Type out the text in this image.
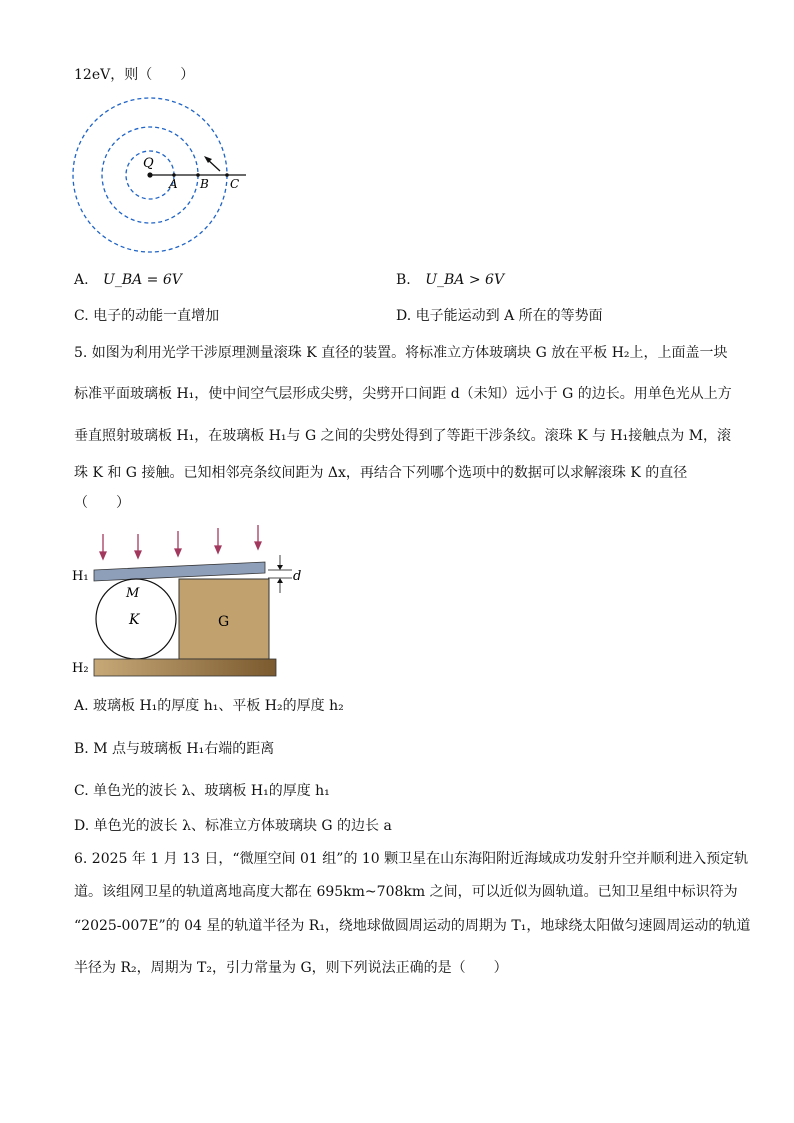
12eV，则（　　）
Q
A B C
A. U_BA = 6V	B. U_BA > 6V
C. 电子的动能一直增加	D. 电子能运动到 A 所在的等势面
5. 如图为利用光学干涉原理测量滚珠 K 直径的装置。将标准立方体玻璃块 G 放在平板 H₂上，上面盖一块
标准平面玻璃板 H₁，使中间空气层形成尖劈，尖劈开口间距 d（未知）远小于 G 的边长。用单色光从上方
垂直照射玻璃板 H₁，在玻璃板 H₁与 G 之间的尖劈处得到了等距干涉条纹。滚珠 K 与 H₁接触点为 M，滚
珠 K 和 G 接触。已知相邻亮条纹间距为 Δx，再结合下列哪个选项中的数据可以求解滚珠 K 的直径
（　　）
H₁
H₂
M
K	G
d
A. 玻璃板 H₁的厚度 h₁、平板 H₂的厚度 h₂
B. M 点与玻璃板 H₁右端的距离
C. 单色光的波长 λ、玻璃板 H₁的厚度 h₁
D. 单色光的波长 λ、标准立方体玻璃块 G 的边长 a
6. 2025 年 1 月 13 日，“微厘空间 01 组”的 10 颗卫星在山东海阳附近海域成功发射升空并顺利进入预定轨
道。该组网卫星的轨道离地高度大都在 695km~708km 之间，可以近似为圆轨道。已知卫星组中标识符为
“2025-007E”的 04 星的轨道半径为 R₁，绕地球做圆周运动的周期为 T₁，地球绕太阳做匀速圆周运动的轨道
半径为 R₂，周期为 T₂，引力常量为 G，则下列说法正确的是（　　）
